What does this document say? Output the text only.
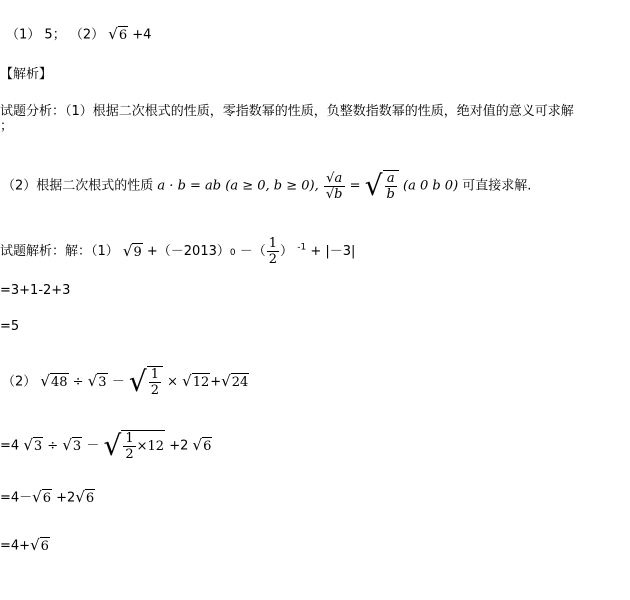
（1） 5； （2） √6 +4
【解析】
试题分析：（1）根据二次根式的性质，零指数幂的性质，负整数指数幂的性质，绝对值的意义可求解
；
（2）根据二次根式的性质 a · b = ab (a ≥ 0, b ≥ 0), $\frac{√a}{√b}$ = √ $\frac{a}{b} (a$ 0 b 0) 可直接求解.
试题解析：解：（1） √9 +（－2013）0 －（ $\frac{1}{2}$ ） $^{-1}$ + |－3|
=3+1-2+3
=5
（2） √48 ÷ √3 － √ $\frac{1}{2} \times √12+√24$
=4 √3 ÷ √3 － √ $\frac{1}{2} \times 12 +2$ √6
=4－√6 +2√6
=4+√6
